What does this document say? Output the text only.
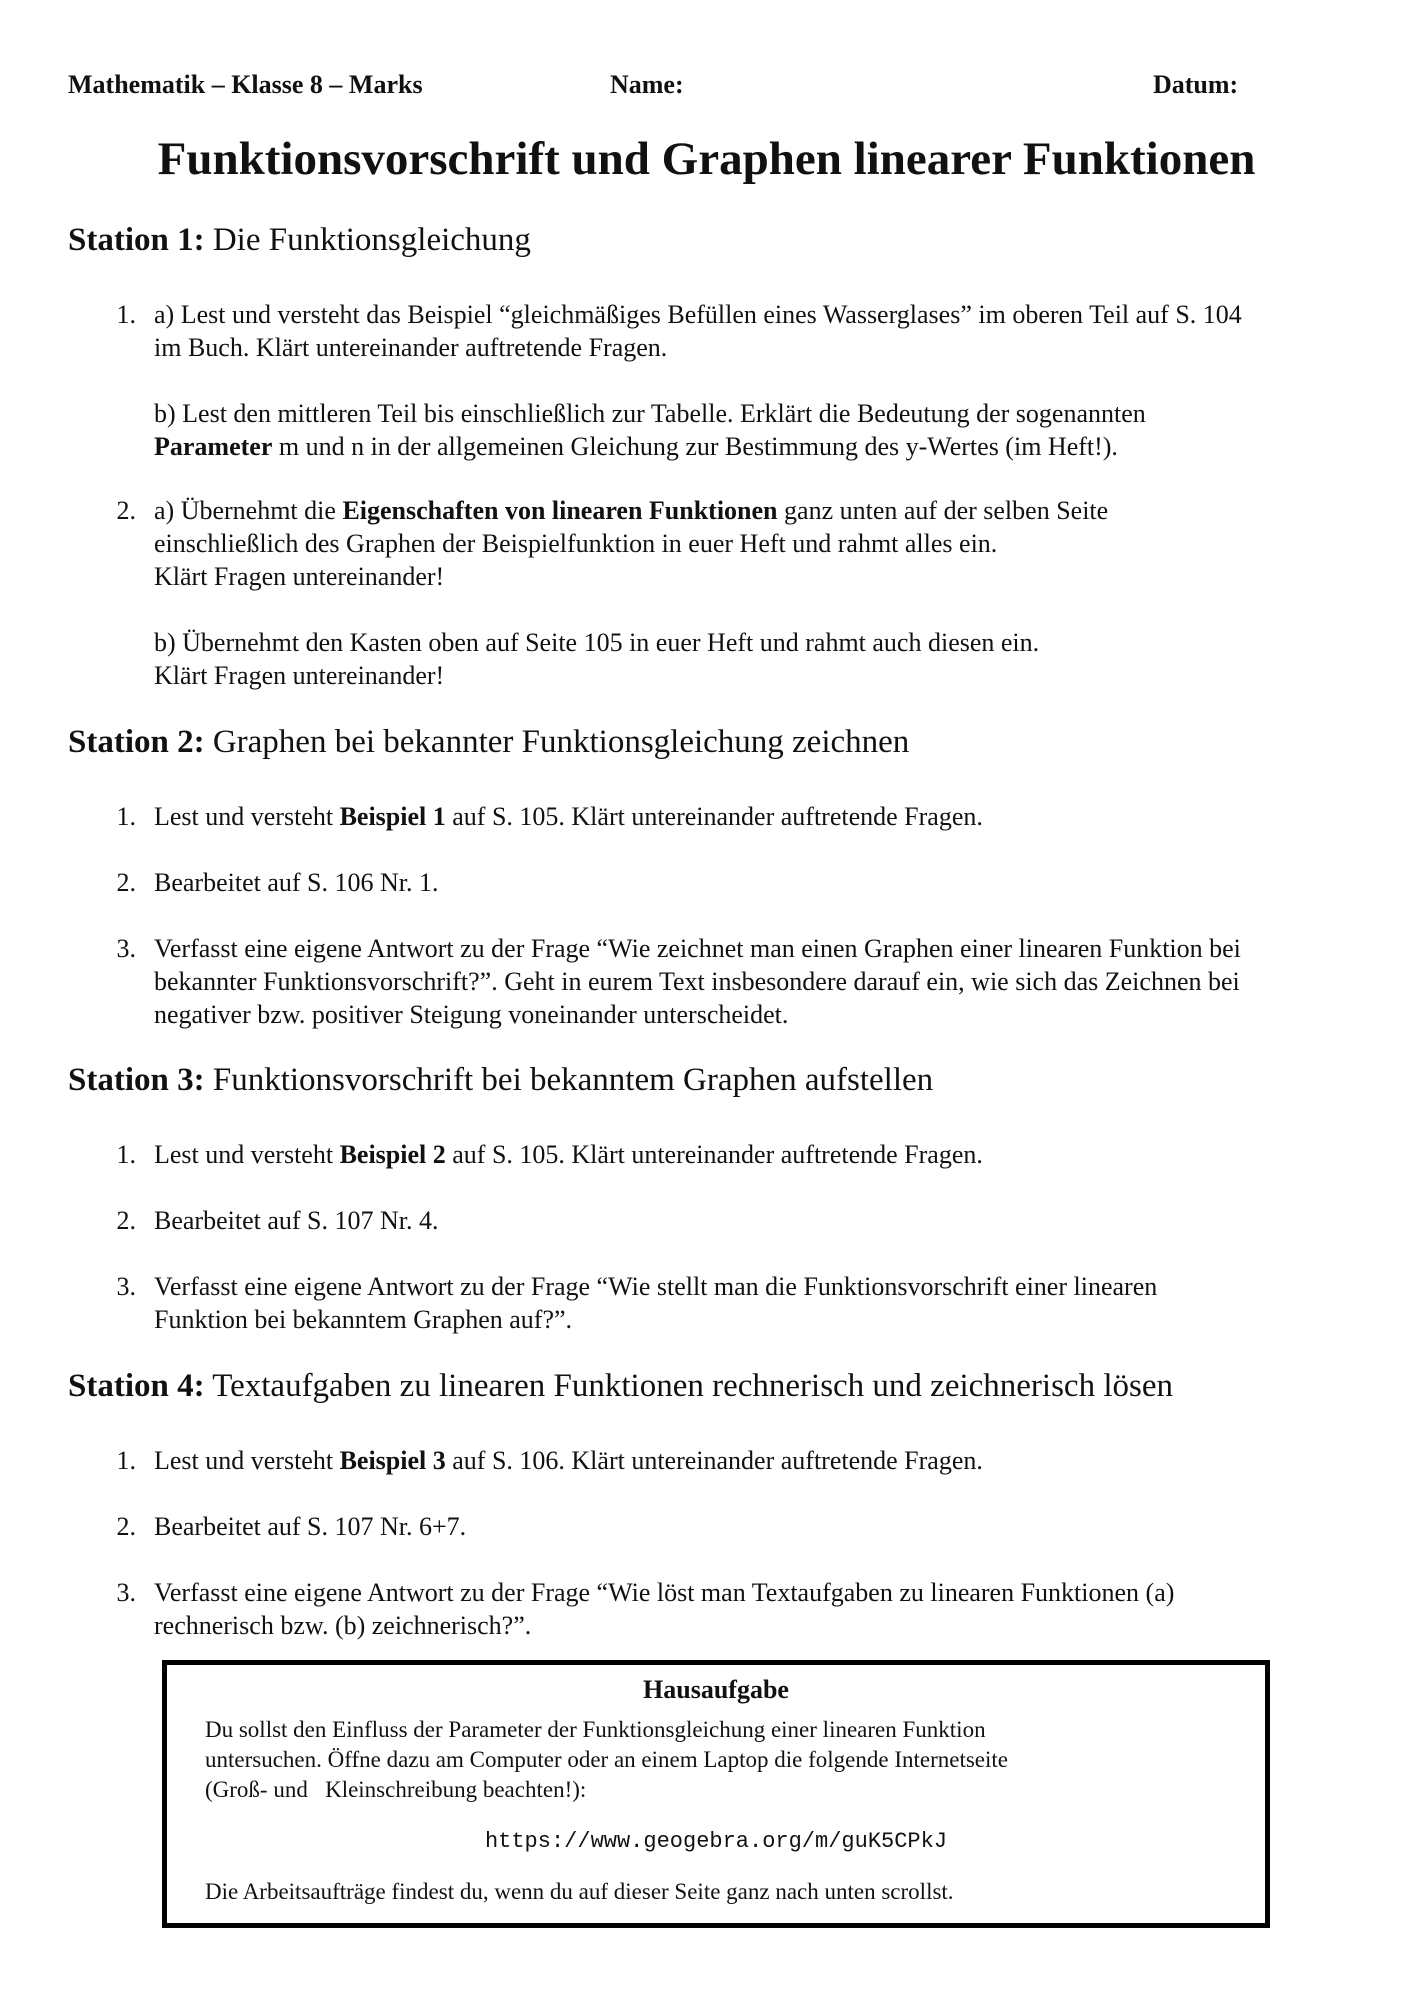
Mathematik – Klasse 8 – Marks	Name:	Datum:
Funktionsvorschrift und Graphen linearer Funktionen
Station 1: Die Funktionsgleichung
1. a) Lest und versteht das Beispiel “gleichmäßiges Befüllen eines Wasserglases” im oberen Teil auf S. 104

im Buch. Klärt untereinander auftretende Fragen.

b) Lest den mittleren Teil bis einschließlich zur Tabelle. Erklärt die Bedeutung der sogenannten

Parameter m und n in der allgemeinen Gleichung zur Bestimmung des y-Wertes (im Heft!).

2. a) Übernehmt die Eigenschaften von linearen Funktionen ganz unten auf der selben Seite

einschließlich des Graphen der Beispielfunktion in euer Heft und rahmt alles ein.

Klärt Fragen untereinander!

b) Übernehmt den Kasten oben auf Seite 105 in euer Heft und rahmt auch diesen ein.

Klärt Fragen untereinander!

Station 2: Graphen bei bekannter Funktionsgleichung zeichnen
1. Lest und versteht Beispiel 1 auf S. 105. Klärt untereinander auftretende Fragen.

2. Bearbeitet auf S. 106 Nr. 1.

3. Verfasst eine eigene Antwort zu der Frage “Wie zeichnet man einen Graphen einer linearen Funktion bei

bekannter Funktionsvorschrift?”. Geht in eurem Text insbesondere darauf ein, wie sich das Zeichnen bei

negativer bzw. positiver Steigung voneinander unterscheidet.

Station 3: Funktionsvorschrift bei bekanntem Graphen aufstellen
1. Lest und versteht Beispiel 2 auf S. 105. Klärt untereinander auftretende Fragen.

2. Bearbeitet auf S. 107 Nr. 4.

3. Verfasst eine eigene Antwort zu der Frage “Wie stellt man die Funktionsvorschrift einer linearen

Funktion bei bekanntem Graphen auf?”.

Station 4: Textaufgaben zu linearen Funktionen rechnerisch und zeichnerisch lösen
1. Lest und versteht Beispiel 3 auf S. 106. Klärt untereinander auftretende Fragen.

2. Bearbeitet auf S. 107 Nr. 6+7.

3. Verfasst eine eigene Antwort zu der Frage “Wie löst man Textaufgaben zu linearen Funktionen (a)

rechnerisch bzw. (b) zeichnerisch?”.

Hausaufgabe

Du sollst den Einfluss der Parameter der Funktionsgleichung einer linearen Funktion

untersuchen. Öffne dazu am Computer oder an einem Laptop die folgende Internetseite

(Groß- und   Kleinschreibung beachten!):

https://www.geogebra.org/m/guK5CPkJ
Die Arbeitsaufträge findest du, wenn du auf dieser Seite ganz nach unten scrollst.
